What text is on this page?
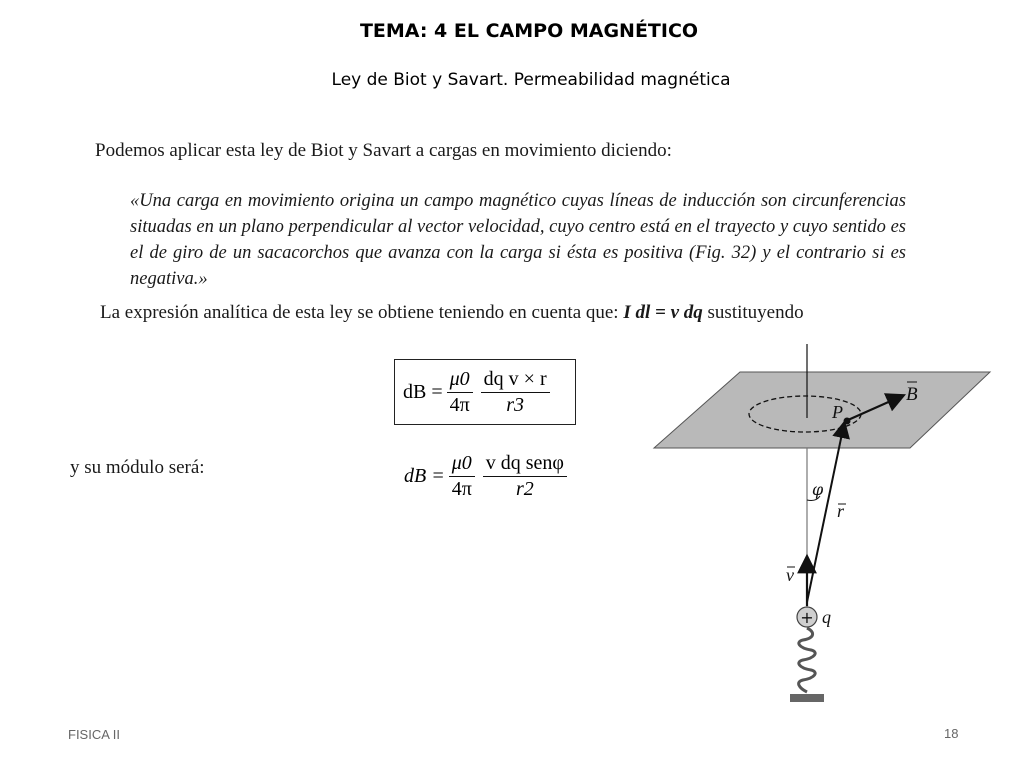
TEMA: 4 EL CAMPO MAGNÉTICO
Ley de Biot y Savart. Permeabilidad magnética
Podemos aplicar esta ley de Biot y Savart a cargas en movimiento diciendo:
«Una carga en movimiento origina un campo magnético cuyas líneas de inducción son circunferencias situadas en un plano perpendicular al vector velocidad, cuyo centro está en el trayecto y cuyo sentido es el de giro de un sacacorchos que avanza con la carga si ésta es positiva (Fig. 32) y el contrario si es negativa.»
La expresión analítica de esta ley se obtiene teniendo en cuenta que: I dl = v dq sustituyendo
y su módulo será:
dB = $\frac{\mu 0}{4\pi} \frac{\text{dq v × r}}{r3}$
dB = $\frac{\mu 0}{4\pi} \frac{\text{v dq senφ}}{r2}$
+
B
P
φ
r
v
q
FISICA II	18
